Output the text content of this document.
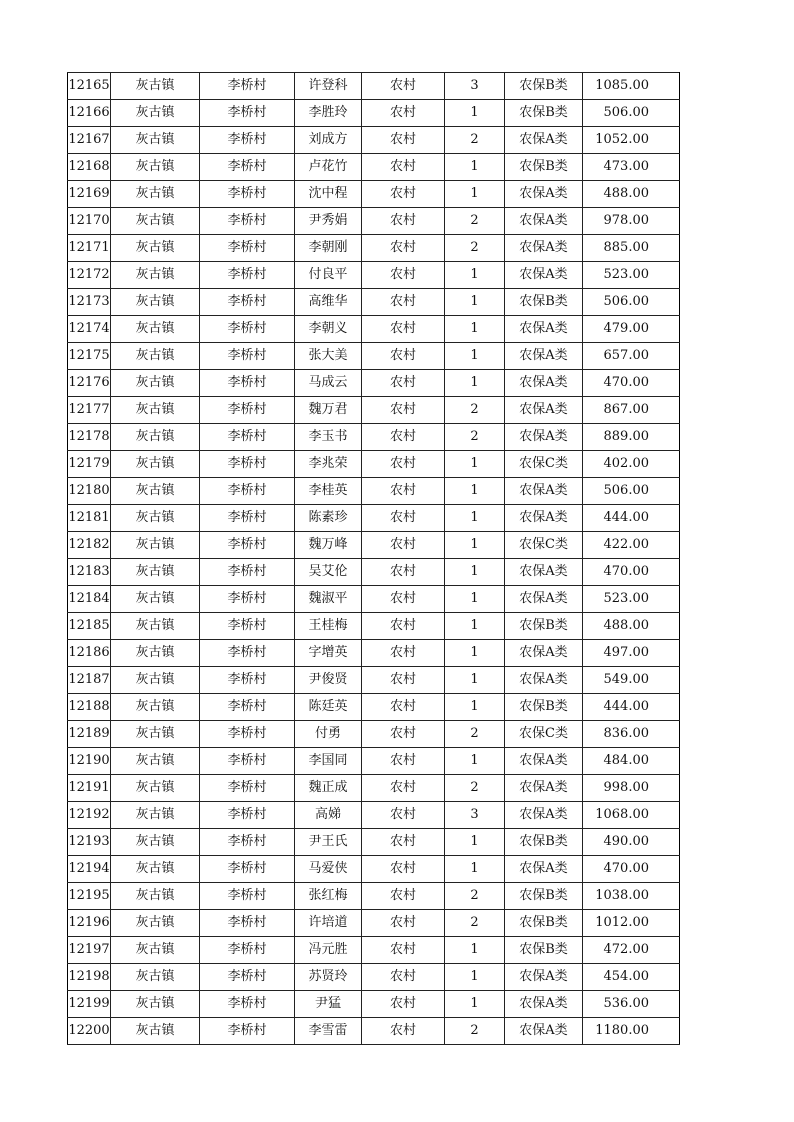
12165	灰古镇	李桥村	许登科	农村	3	农保B类	1085.00
12166	灰古镇	李桥村	李胜玲	农村	1	农保B类	506.00
12167	灰古镇	李桥村	刘成方	农村	2	农保A类	1052.00
12168	灰古镇	李桥村	卢花竹	农村	1	农保B类	473.00
12169	灰古镇	李桥村	沈中程	农村	1	农保A类	488.00
12170	灰古镇	李桥村	尹秀娟	农村	2	农保A类	978.00
12171	灰古镇	李桥村	李朝刚	农村	2	农保A类	885.00
12172	灰古镇	李桥村	付良平	农村	1	农保A类	523.00
12173	灰古镇	李桥村	高维华	农村	1	农保B类	506.00
12174	灰古镇	李桥村	李朝义	农村	1	农保A类	479.00
12175	灰古镇	李桥村	张大美	农村	1	农保A类	657.00
12176	灰古镇	李桥村	马成云	农村	1	农保A类	470.00
12177	灰古镇	李桥村	魏万君	农村	2	农保A类	867.00
12178	灰古镇	李桥村	李玉书	农村	2	农保A类	889.00
12179	灰古镇	李桥村	李兆荣	农村	1	农保C类	402.00
12180	灰古镇	李桥村	李桂英	农村	1	农保A类	506.00
12181	灰古镇	李桥村	陈素珍	农村	1	农保A类	444.00
12182	灰古镇	李桥村	魏万峰	农村	1	农保C类	422.00
12183	灰古镇	李桥村	吴艾伦	农村	1	农保A类	470.00
12184	灰古镇	李桥村	魏淑平	农村	1	农保A类	523.00
12185	灰古镇	李桥村	王桂梅	农村	1	农保B类	488.00
12186	灰古镇	李桥村	字增英	农村	1	农保A类	497.00
12187	灰古镇	李桥村	尹俊贤	农村	1	农保A类	549.00
12188	灰古镇	李桥村	陈廷英	农村	1	农保B类	444.00
12189	灰古镇	李桥村	付勇	农村	2	农保C类	836.00
12190	灰古镇	李桥村	李国同	农村	1	农保A类	484.00
12191	灰古镇	李桥村	魏正成	农村	2	农保A类	998.00
12192	灰古镇	李桥村	高娣	农村	3	农保A类	1068.00
12193	灰古镇	李桥村	尹王氏	农村	1	农保B类	490.00
12194	灰古镇	李桥村	马爱侠	农村	1	农保A类	470.00
12195	灰古镇	李桥村	张红梅	农村	2	农保B类	1038.00
12196	灰古镇	李桥村	许培道	农村	2	农保B类	1012.00
12197	灰古镇	李桥村	冯元胜	农村	1	农保B类	472.00
12198	灰古镇	李桥村	苏贤玲	农村	1	农保A类	454.00
12199	灰古镇	李桥村	尹猛	农村	1	农保A类	536.00
12200	灰古镇	李桥村	李雪雷	农村	2	农保A类	1180.00
